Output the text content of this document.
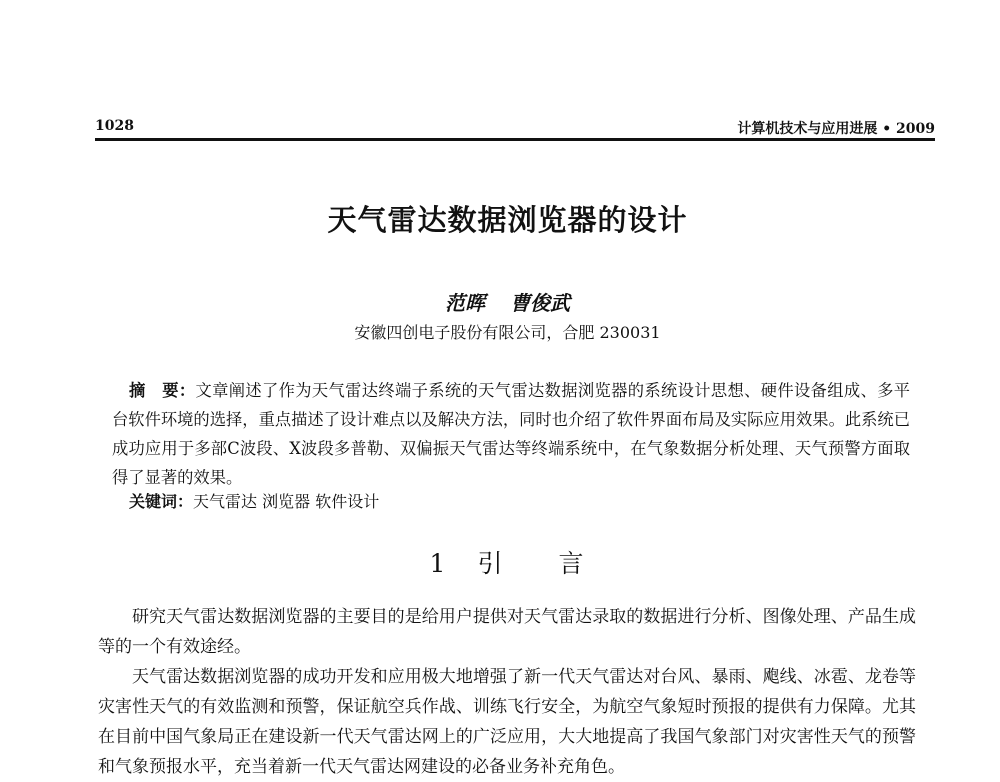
1028	计算机技术与应用进展 • 2009
天气雷达数据浏览器的设计
范晖 曹俊武
安徽四创电子股份有限公司，合肥 230031
摘　要：文章阐述了作为天气雷达终端子系统的天气雷达数据浏览器的系统设计思想、硬件设备组成、多平台软件环境的选择，重点描述了设计难点以及解决方法，同时也介绍了软件界面布局及实际应用效果。此系统已成功应用于多部C波段、X波段多普勒、双偏振天气雷达等终端系统中，在气象数据分析处理、天气预警方面取得了显著的效果。
关键词：天气雷达 浏览器 软件设计
1 引　　言

研究天气雷达数据浏览器的主要目的是给用户提供对天气雷达录取的数据进行分析、图像处理、产品生成等的一个有效途经。

天气雷达数据浏览器的成功开发和应用极大地增强了新一代天气雷达对台风、暴雨、飑线、冰雹、龙卷等灾害性天气的有效监测和预警，保证航空兵作战、训练飞行安全，为航空气象短时预报的提供有力保障。尤其在目前中国气象局正在建设新一代天气雷达网上的广泛应用，大大地提高了我国气象部门对灾害性天气的预警和气象预报水平，充当着新一代天气雷达网建设的必备业务补充角色。
